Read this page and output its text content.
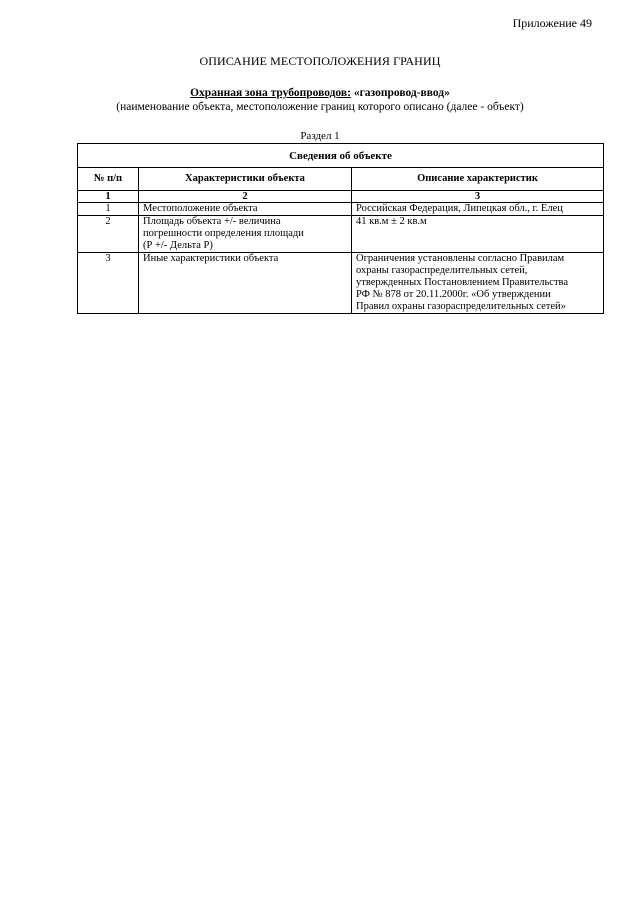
Приложение 49
ОПИСАНИЕ МЕСТОПОЛОЖЕНИЯ ГРАНИЦ
Охранная зона трубопроводов: «газопровод-ввод»
(наименование объекта, местоположение границ которого описано (далее - объект)
Раздел 1
Сведения об объекте		
№ п/п	Характеристики объекта	Описание характеристик
1	2	3
1	Местоположение объекта	Российская Федерация, Липецкая обл., г. Елец
2	Площадь объекта +/- величина
погрешности определения площади
(Р +/- Дельта Р)	41 кв.м ± 2 кв.м
3	Иные характеристики объекта	Ограничения установлены согласно Правилам
охраны газораспределительных сетей,
утвержденных Постановлением Правительства
РФ № 878 от 20.11.2000г. «Об утверждении
Правил охраны газораспределительных сетей»
